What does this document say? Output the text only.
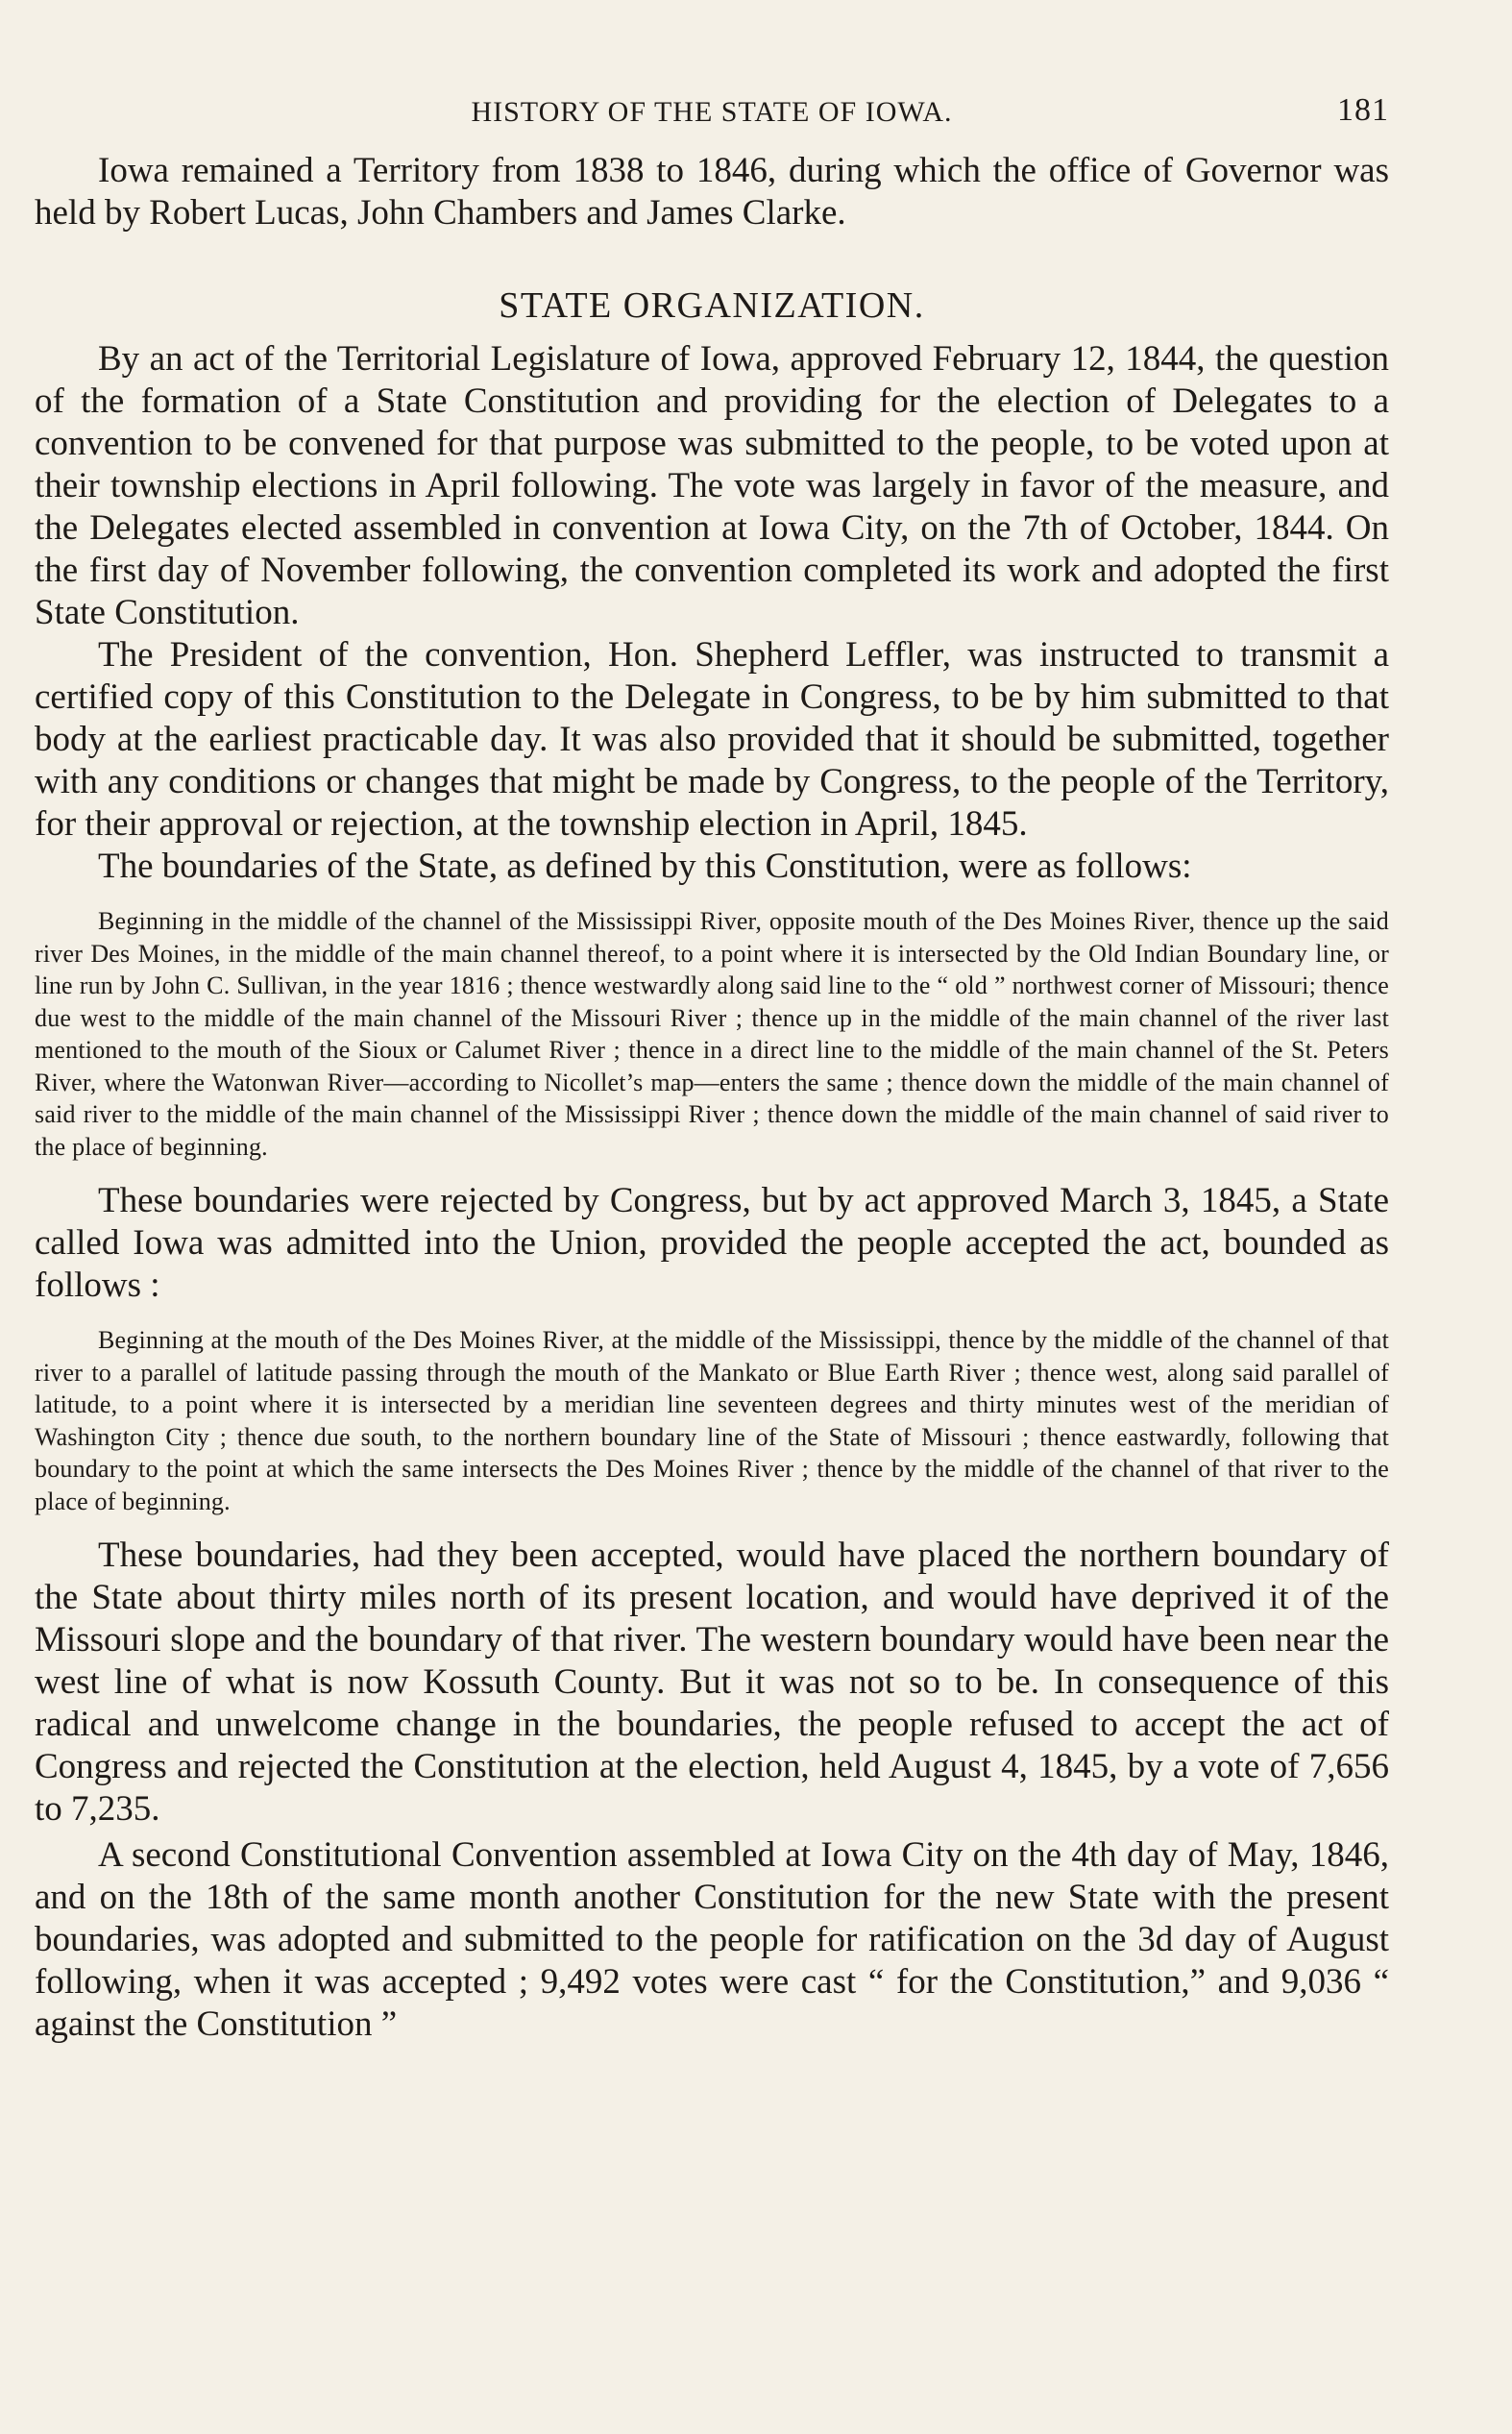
HISTORY OF THE STATE OF IOWA.	181

Iowa remained a Territory from 1838 to 1846, during which the office of Governor was held by Robert Lucas, John Chambers and James Clarke.

STATE ORGANIZATION.

By an act of the Territorial Legislature of Iowa, approved February 12, 1844, the question of the formation of a State Constitution and providing for the election of Delegates to a convention to be convened for that purpose was submitted to the people, to be voted upon at their township elections in April following. The vote was largely in favor of the measure, and the Delegates elected assembled in convention at Iowa City, on the 7th of October, 1844. On the first day of November following, the convention completed its work and adopted the first State Constitution.

The President of the convention, Hon. Shepherd Leffler, was instructed to transmit a certified copy of this Constitution to the Delegate in Congress, to be by him submitted to that body at the earliest practicable day. It was also provided that it should be submitted, together with any conditions or changes that might be made by Congress, to the people of the Territory, for their approval or rejection, at the township election in April, 1845.

The boundaries of the State, as defined by this Constitution, were as follows:

Beginning in the middle of the channel of the Mississippi River, opposite mouth of the Des Moines River, thence up the said river Des Moines, in the middle of the main channel thereof, to a point where it is intersected by the Old Indian Boundary line, or line run by John C. Sullivan, in the year 1816 ; thence westwardly along said line to the “ old ” northwest corner of Missouri; thence due west to the middle of the main channel of the Missouri River ; thence up in the middle of the main channel of the river last mentioned to the mouth of the Sioux or Calumet River ; thence in a direct line to the middle of the main channel of the St. Peters River, where the Watonwan River—according to Nicollet’s map—enters the same ; thence down the middle of the main channel of said river to the middle of the main channel of the Mississippi River ; thence down the middle of the main channel of said river to the place of beginning.

These boundaries were rejected by Congress, but by act approved March 3, 1845, a State called Iowa was admitted into the Union, provided the people accepted the act, bounded as follows :

Beginning at the mouth of the Des Moines River, at the middle of the Mississippi, thence by the middle of the channel of that river to a parallel of latitude passing through the mouth of the Mankato or Blue Earth River ; thence west, along said parallel of latitude, to a point where it is intersected by a meridian line seventeen degrees and thirty minutes west of the meridian of Washington City ; thence due south, to the northern boundary line of the State of Missouri ; thence eastwardly, following that boundary to the point at which the same intersects the Des Moines River ; thence by the middle of the channel of that river to the place of beginning.

These boundaries, had they been accepted, would have placed the northern boundary of the State about thirty miles north of its present location, and would have deprived it of the Missouri slope and the boundary of that river. The western boundary would have been near the west line of what is now Kossuth County. But it was not so to be. In consequence of this radical and unwelcome change in the boundaries, the people refused to accept the act of Congress and rejected the Constitution at the election, held August 4, 1845, by a vote of 7,656 to 7,235.

A second Constitutional Convention assembled at Iowa City on the 4th day of May, 1846, and on the 18th of the same month another Constitution for the new State with the present boundaries, was adopted and submitted to the people for ratification on the 3d day of August following, when it was accepted ; 9,492 votes were cast “ for the Constitution,” and 9,036 “ against the Constitution ”
